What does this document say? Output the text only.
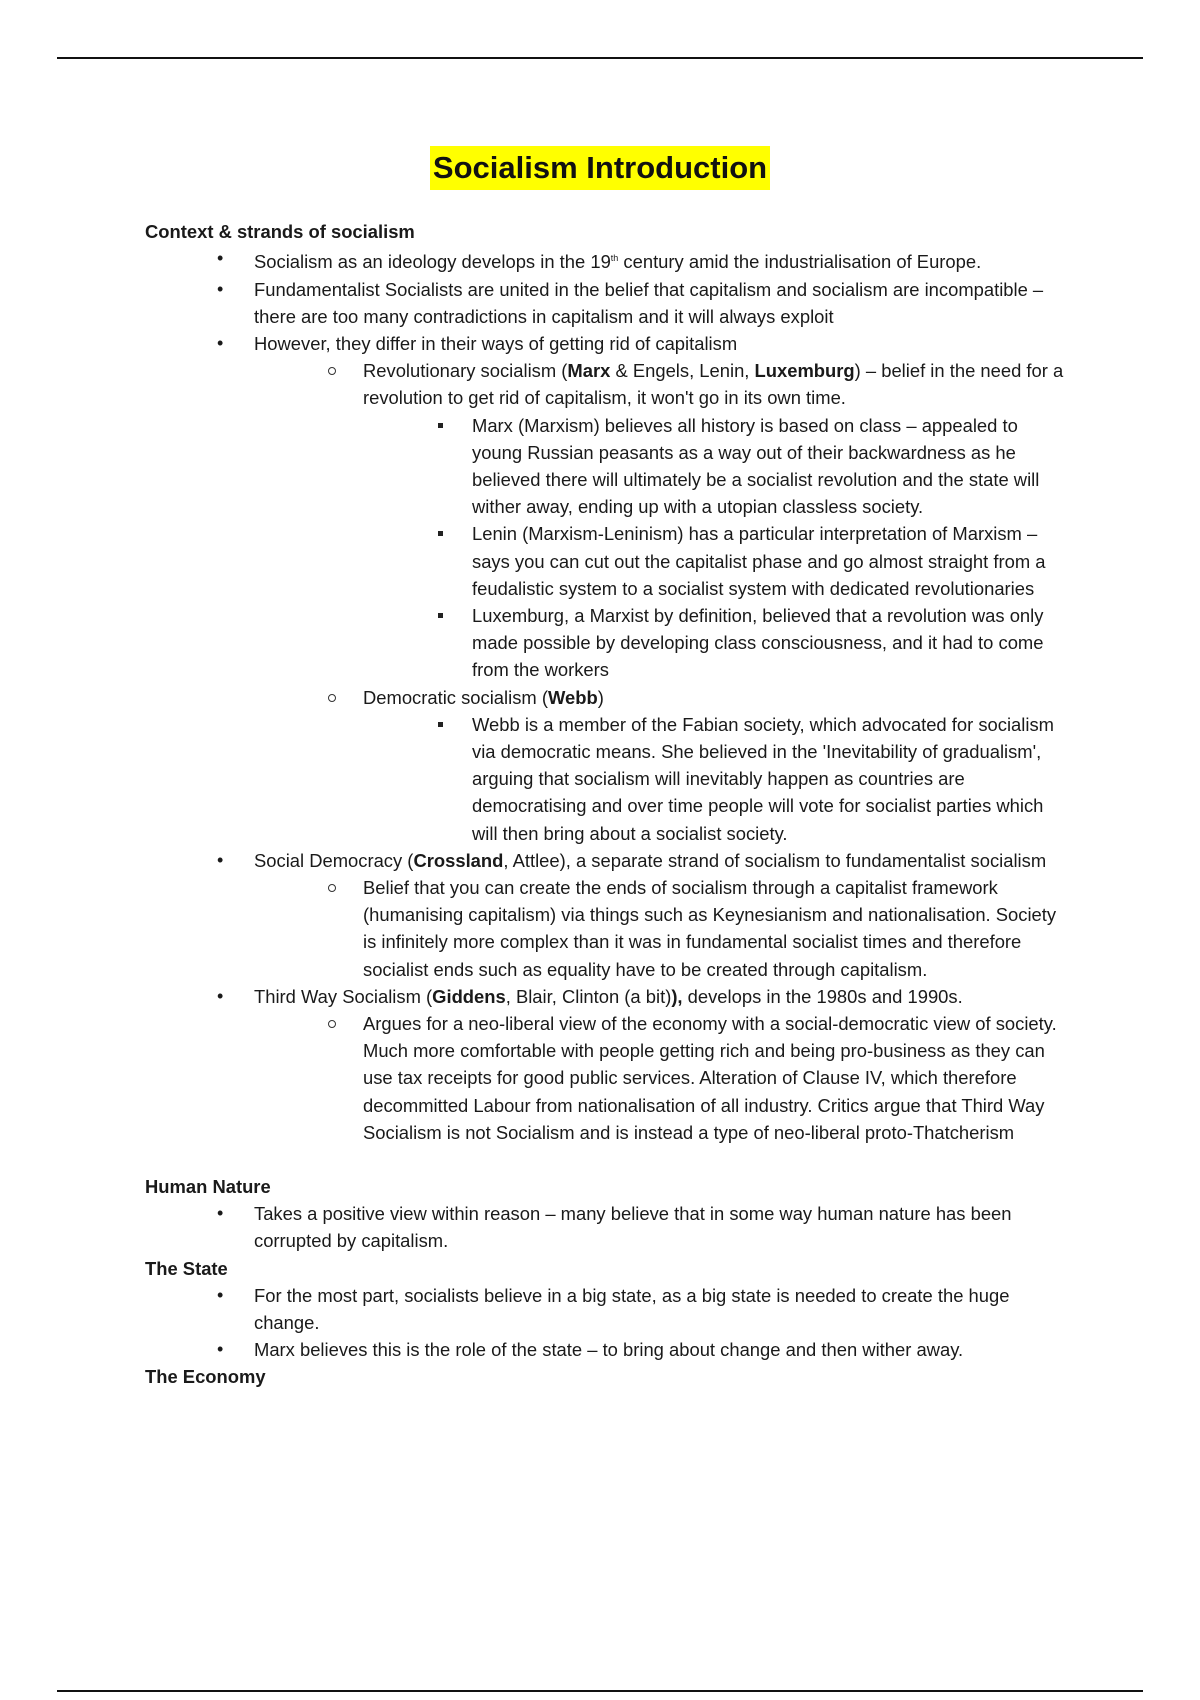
Socialism Introduction

Context & strands of socialism

• Socialism as an ideology develops in the 19th century amid the industrialisation of Europe.
• Fundamentalist Socialists are united in the belief that capitalism and socialism are incompatible – there are too many contradictions in capitalism and it will always exploit
• However, they differ in their ways of getting rid of capitalism
Revolutionary socialism (Marx & Engels, Lenin, Luxemburg) – belief in the need for a revolution to get rid of capitalism, it won't go in its own time.
Marx (Marxism) believes all history is based on class – appealed to young Russian peasants as a way out of their backwardness as he believed there will ultimately be a socialist revolution and the state will wither away, ending up with a utopian classless society.
Lenin (Marxism-Leninism) has a particular interpretation of Marxism – says you can cut out the capitalist phase and go almost straight from a feudalistic system to a socialist system with dedicated revolutionaries
Luxemburg, a Marxist by definition, believed that a revolution was only made possible by developing class consciousness, and it had to come from the workers
Democratic socialism (Webb)
Webb is a member of the Fabian society, which advocated for socialism via democratic means. She believed in the 'Inevitability of gradualism', arguing that socialism will inevitably happen as countries are democratising and over time people will vote for socialist parties which will then bring about a socialist society.
• Social Democracy (Crossland, Attlee), a separate strand of socialism to fundamentalist socialism
Belief that you can create the ends of socialism through a capitalist framework (humanising capitalism) via things such as Keynesianism and nationalisation. Society is infinitely more complex than it was in fundamental socialist times and therefore socialist ends such as equality have to be created through capitalism.
• Third Way Socialism (Giddens, Blair, Clinton (a bit)), develops in the 1980s and 1990s.
Argues for a neo-liberal view of the economy with a social-democratic view of society. Much more comfortable with people getting rich and being pro-business as they can use tax receipts for good public services. Alteration of Clause IV, which therefore decommitted Labour from nationalisation of all industry. Critics argue that Third Way Socialism is not Socialism and is instead a type of neo-liberal proto-Thatcherism

Human Nature

• Takes a positive view within reason – many believe that in some way human nature has been corrupted by capitalism.

The State

• For the most part, socialists believe in a big state, as a big state is needed to create the huge change.
• Marx believes this is the role of the state – to bring about change and then wither away.

The Economy
